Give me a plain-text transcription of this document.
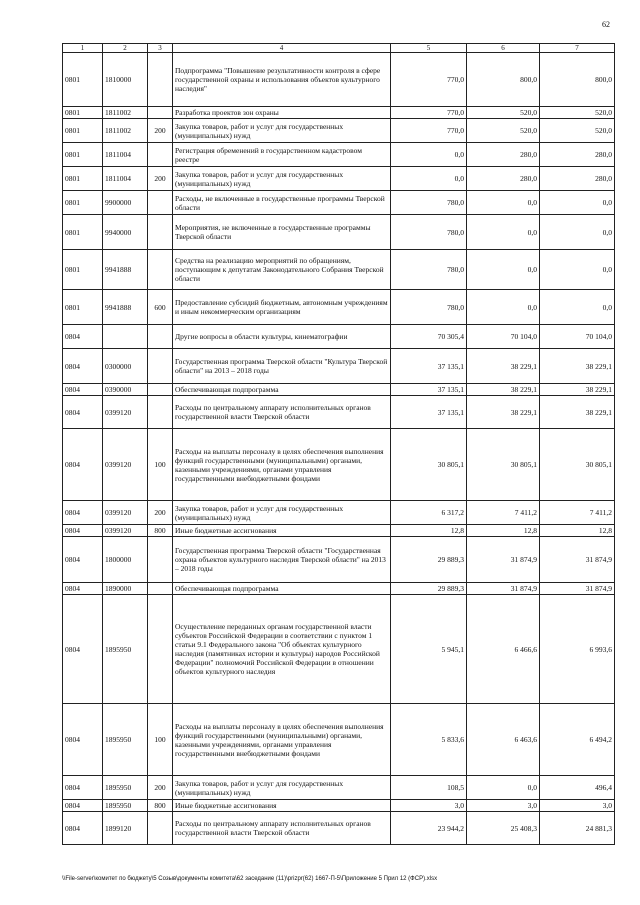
62
1	2	3	4	5	6	7
0801	1810000		Подпрограмма "Повышение результативности контроля в сфере государственной охраны и использования объектов культурного наследия"	770,0	800,0	800,0
0801	1811002		Разработка проектов зон охраны	770,0	520,0	520,0
0801	1811002	200	Закупка товаров, работ и услуг для государственных (муниципальных) нужд	770,0	520,0	520,0
0801	1811004		Регистрация обременений в государственном кадастровом реестре	0,0	280,0	280,0
0801	1811004	200	Закупка товаров, работ и услуг для государственных (муниципальных) нужд	0,0	280,0	280,0
0801	9900000		Расходы, не включенные в государственные программы Тверской области	780,0	0,0	0,0
0801	9940000		Мероприятия, не включенные в государственные программы Тверской области	780,0	0,0	0,0
0801	9941888		Средства на реализацию мероприятий по обращениям, поступающим к депутатам Законодательного Собрания Тверской области	780,0	0,0	0,0
0801	9941888	600	Предоставление субсидий бюджетным, автономным учреждениям и иным некоммерческим организациям	780,0	0,0	0,0
0804			Другие вопросы в области культуры, кинематографии	70 305,4	70 104,0	70 104,0
0804	0300000		Государственная программа Тверской области "Культура Тверской области" на 2013 – 2018 годы	37 135,1	38 229,1	38 229,1
0804	0390000		Обеспечивающая подпрограмма	37 135,1	38 229,1	38 229,1
0804	0399120		Расходы по центральному аппарату исполнительных органов государственной власти Тверской области	37 135,1	38 229,1	38 229,1
0804	0399120	100	Расходы на выплаты персоналу в целях обеспечения выполнения функций государственными (муниципальными) органами, казенными учреждениями, органами управления государственными внебюджетными фондами	30 805,1	30 805,1	30 805,1
0804	0399120	200	Закупка товаров, работ и услуг для государственных (муниципальных) нужд	6 317,2	7 411,2	7 411,2
0804	0399120	800	Иные бюджетные ассигнования	12,8	12,8	12,8
0804	1800000		Государственная программа Тверской области "Государственная охрана объектов культурного наследия Тверской области" на 2013 – 2018 годы	29 889,3	31 874,9	31 874,9
0804	1890000		Обеспечивающая подпрограмма	29 889,3	31 874,9	31 874,9
0804	1895950		Осуществление переданных органам государственной власти субъектов Российской Федерации в соответствии с пунктом 1 статьи 9.1 Федерального закона "Об объектах культурного наследия (памятниках истории и культуры) народов Российской Федерации" полномочий Российской Федерации в отношении объектов культурного наследия	5 945,1	6 466,6	6 993,6
0804	1895950	100	Расходы на выплаты персоналу в целях обеспечения выполнения функций государственными (муниципальными) органами, казенными учреждениями, органами управления государственными внебюджетными фондами	5 833,6	6 463,6	6 494,2
0804	1895950	200	Закупка товаров, работ и услуг для государственных (муниципальных) нужд	108,5	0,0	496,4
0804	1895950	800	Иные бюджетные ассигнования	3,0	3,0	3,0
0804	1899120		Расходы по центральному аппарату исполнительных органов государственной власти Тверской области	23 944,2	25 408,3	24 881,3
\\File-server\комитет по бюджету\5 Созыв\документы комитета\62 заседание (11)\prizpr(62) 1667-П-5\Приложение 5 Прил 12 (ФСР).xlsx
